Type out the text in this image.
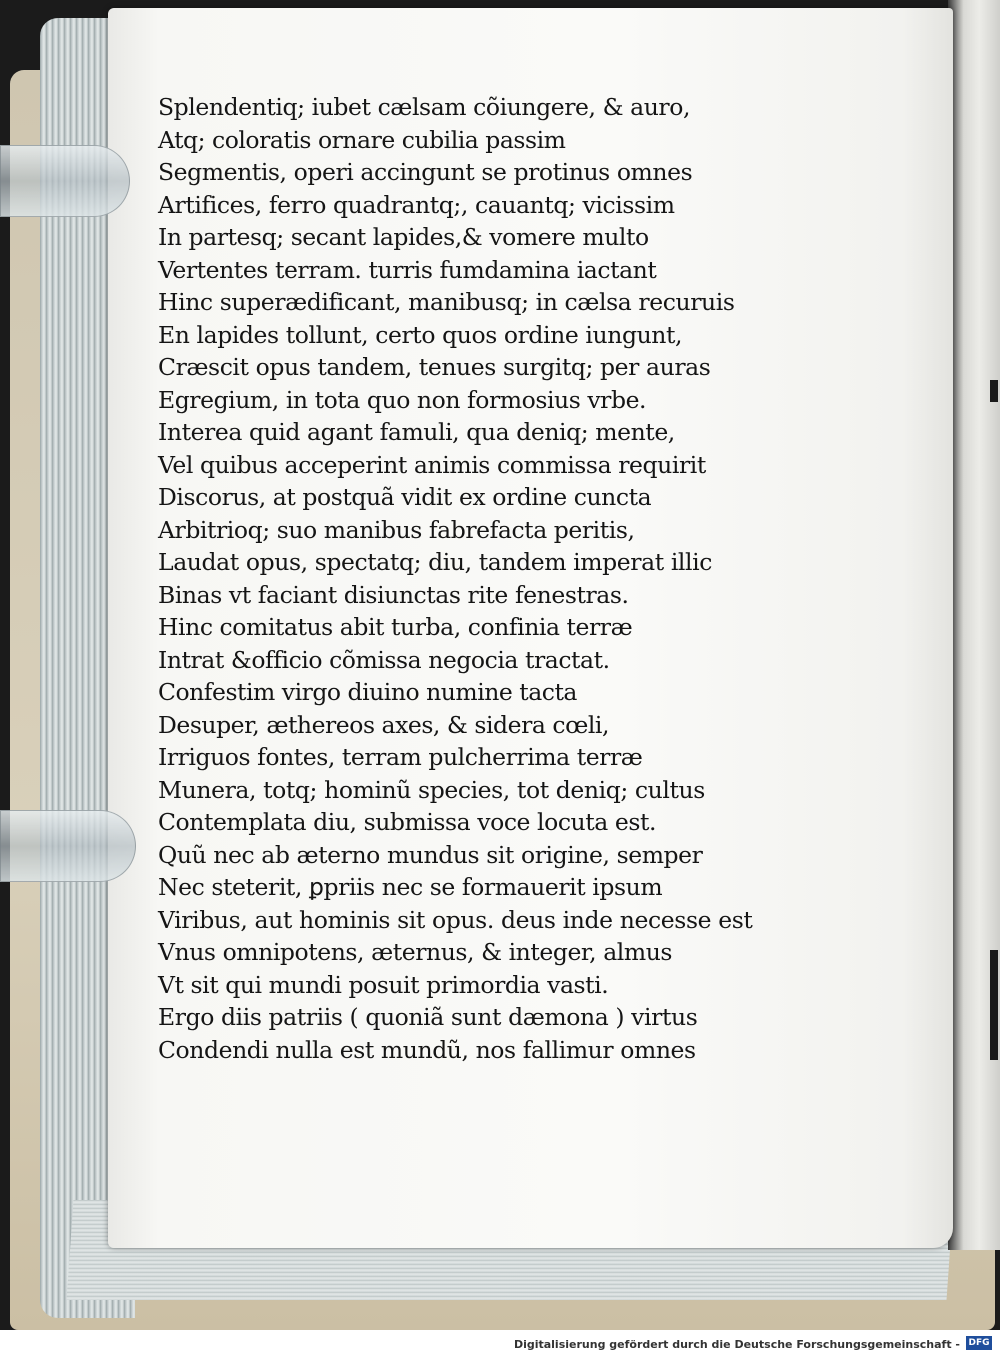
Splendentiq; iubet cælsam cõiungere, & auro,
Atq; coloratis ornare cubilia passim
Segmentis, operi accingunt se protinus omnes
Artifices, ferro quadrantq;, cauantq; vicissim
In partesq; secant lapides,& vomere multo
Vertentes terram. turris fumdamina iactant
Hinc superædificant, manibusq; in cælsa recuruis
En lapides tollunt, certo quos ordine iungunt,
Cræscit opus tandem, tenues surgitq; per auras
Egregium, in tota quo non formosius vrbe.
Interea quid agant famuli, qua deniq; mente,
Vel quibus acceperint animis commissa requirit
Discorus, at postquã vidit ex ordine cuncta
Arbitrioq; suo manibus fabrefacta peritis,
Laudat opus, spectatq; diu, tandem imperat illic
Binas vt faciant disiunctas rite fenestras.
Hinc comitatus abit turba, confinia terræ
Intrat &officio cõmissa negocia tractat.
Confestim virgo diuino numine tacta
Desuper, æthereos axes, & sidera cœli,
Irriguos fontes, terram pulcherrima terræ
Munera, totq; hominũ species, tot deniq; cultus
Contemplata diu, submissa voce locuta est.
Quũ nec ab æterno mundus sit origine, semper
Nec steterit, ꝑpriis nec se formauerit ipsum
Viribus, aut hominis sit opus. deus inde necesse est
Vnus omnipotens, æternus, & integer, almus
Vt sit qui mundi posuit primordia vasti.
Ergo diis patriis ( quoniã sunt dæmona ) virtus
Condendi nulla est mundũ, nos fallimur omnes
Digitalisierung gefördert durch die Deutsche Forschungsgemeinschaft - DFG
